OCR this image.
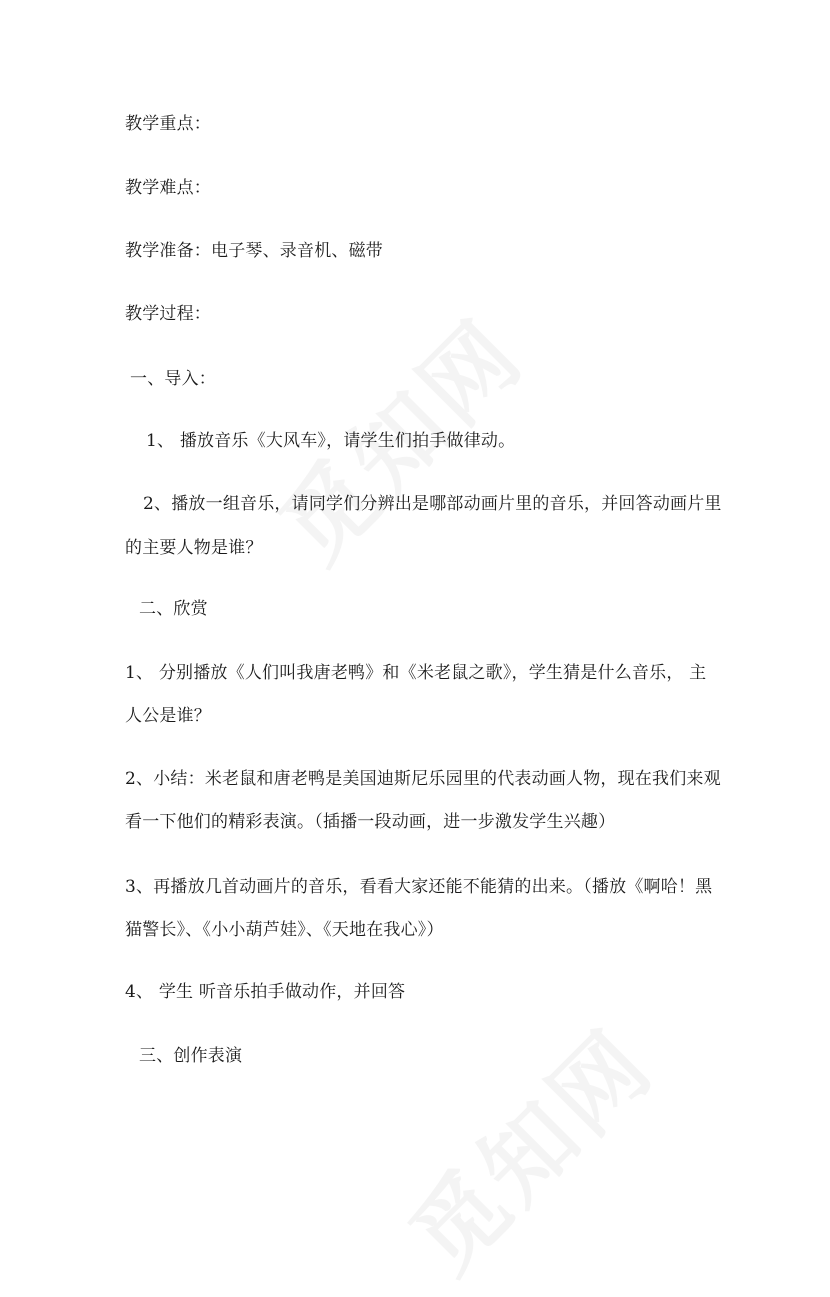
教学重点：
教学难点：
教学准备：电子琴、录音机、磁带
教学过程：
一、导入：
1、 播放音乐《大风车》，请学生们拍手做律动。
2、播放一组音乐，请同学们分辨出是哪部动画片里的音乐，并回答动画片里
的主要人物是谁？
二、欣赏
1、 分别播放《人们叫我唐老鸭》和《米老鼠之歌》，学生猜是什么音乐， 主
人公是谁？
2、小结：米老鼠和唐老鸭是美国迪斯尼乐园里的代表动画人物，现在我们来观
看一下他们的精彩表演。（插播一段动画，进一步激发学生兴趣）
3、再播放几首动画片的音乐，看看大家还能不能猜的出来。（播放《啊哈！黑
猫警长》、《小小葫芦娃》、《天地在我心》）
4、 学生 听音乐拍手做动作，并回答
三、创作表演
